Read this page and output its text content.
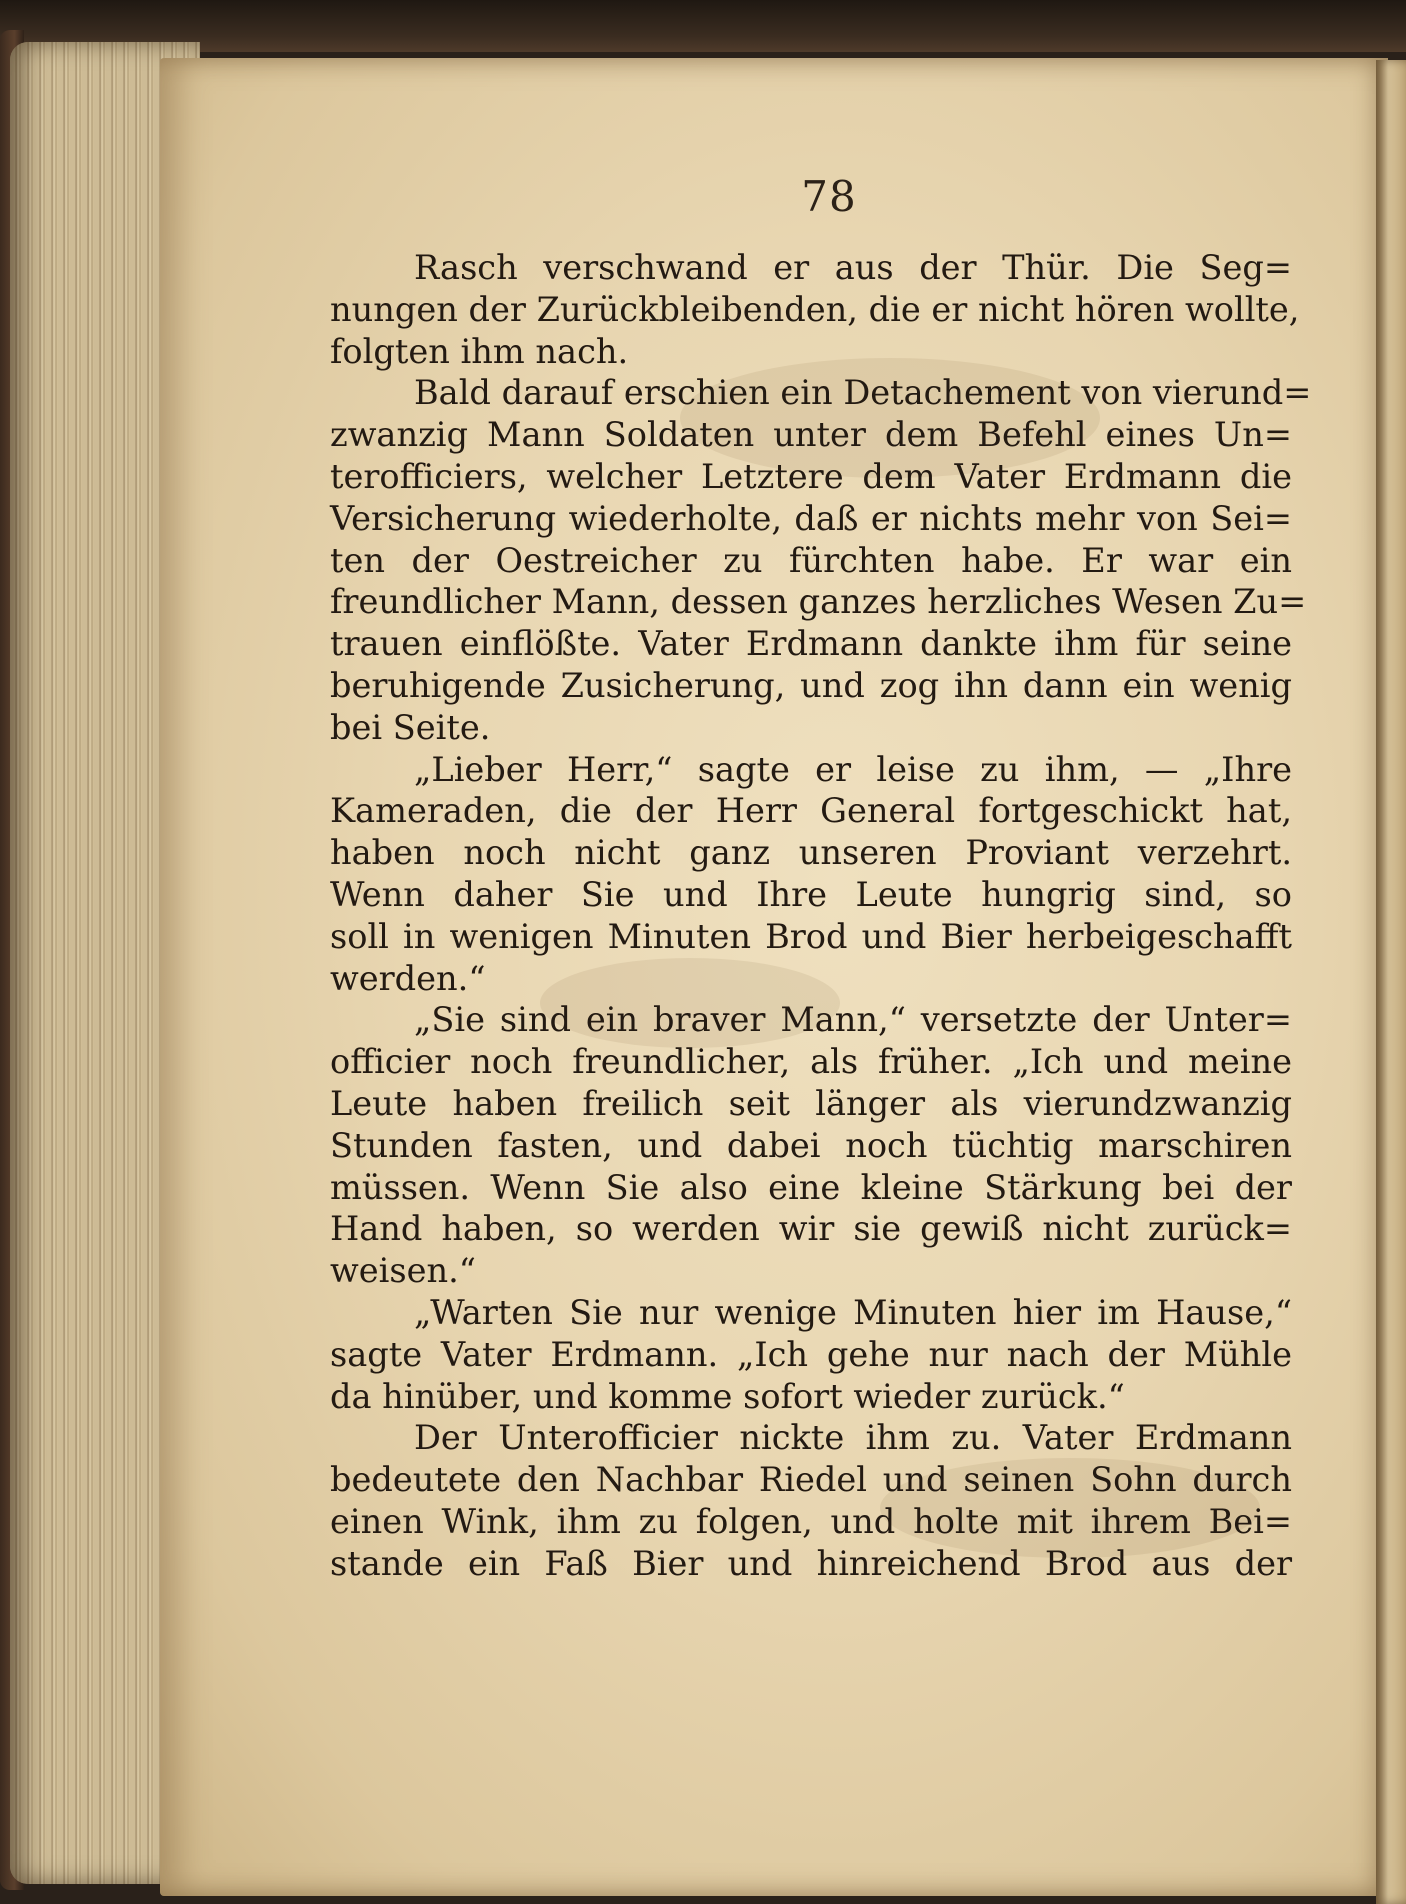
78
Rasch verschwand er aus der Thür. Die Seg=
nungen der Zurückbleibenden, die er nicht hören wollte,
folgten ihm nach.
Bald darauf erschien ein Detachement von vierund=
zwanzig Mann Soldaten unter dem Befehl eines Un=
terofficiers, welcher Letztere dem Vater Erdmann die
Versicherung wiederholte, daß er nichts mehr von Sei=
ten der Oestreicher zu fürchten habe. Er war ein
freundlicher Mann, dessen ganzes herzliches Wesen Zu=
trauen einflößte. Vater Erdmann dankte ihm für seine
beruhigende Zusicherung, und zog ihn dann ein wenig
bei Seite.
„Lieber Herr,“ sagte er leise zu ihm, — „Ihre
Kameraden, die der Herr General fortgeschickt hat,
haben noch nicht ganz unseren Proviant verzehrt.
Wenn daher Sie und Ihre Leute hungrig sind, so
soll in wenigen Minuten Brod und Bier herbeigeschafft
werden.“
„Sie sind ein braver Mann,“ versetzte der Unter=
officier noch freundlicher, als früher. „Ich und meine
Leute haben freilich seit länger als vierundzwanzig
Stunden fasten, und dabei noch tüchtig marschiren
müssen. Wenn Sie also eine kleine Stärkung bei der
Hand haben, so werden wir sie gewiß nicht zurück=
weisen.“
„Warten Sie nur wenige Minuten hier im Hause,“
sagte Vater Erdmann. „Ich gehe nur nach der Mühle
da hinüber, und komme sofort wieder zurück.“
Der Unterofficier nickte ihm zu. Vater Erdmann
bedeutete den Nachbar Riedel und seinen Sohn durch
einen Wink, ihm zu folgen, und holte mit ihrem Bei=
stande ein Faß Bier und hinreichend Brod aus der
